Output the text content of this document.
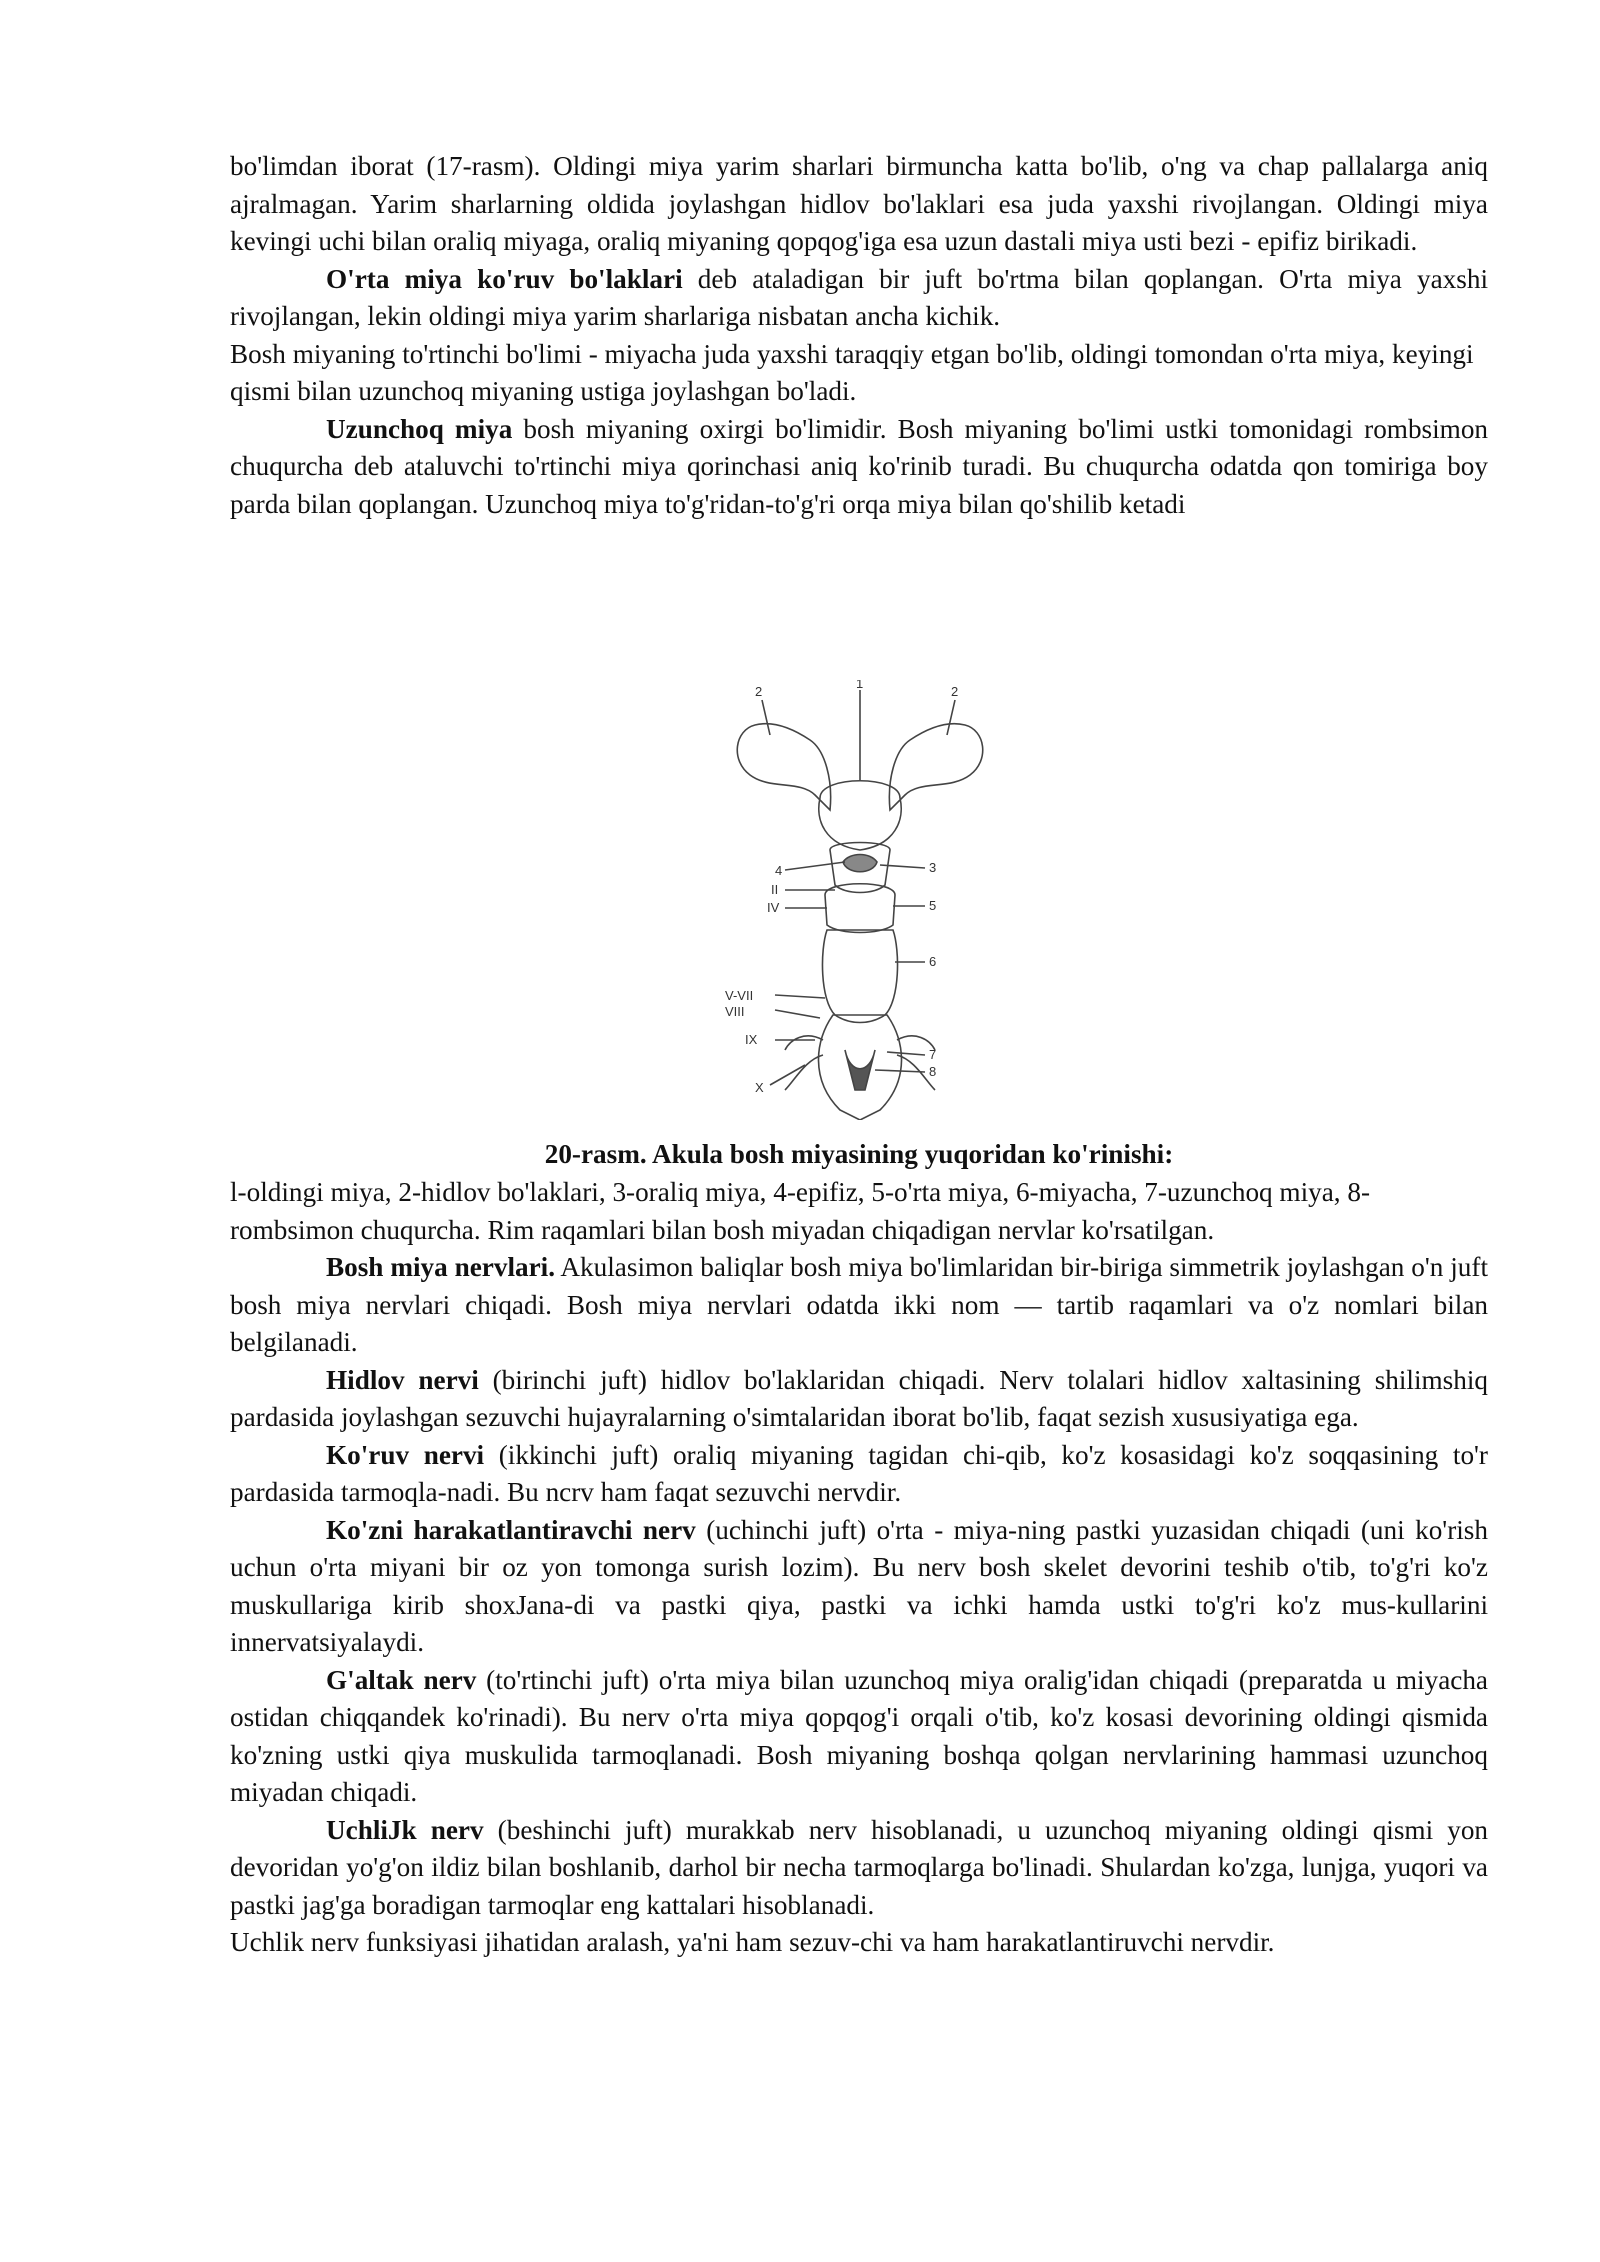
bo'limdan iborat (17-rasm). Oldingi miya yarim sharlari birmuncha katta bo'lib, o'ng va chap pallalarga aniq ajralmagan. Yarim sharlarning oldida joylashgan hidlov bo'laklari esa juda yaxshi rivojlangan. Oldingi miya kevingi uchi bilan oraliq miyaga, oraliq miyaning qopqog'iga esa uzun dastali miya usti bezi - epifiz birikadi.

O'rta miya ko'ruv bo'laklari deb ataladigan bir juft bo'rtma bilan qoplangan. O'rta miya yaxshi rivojlangan, lekin oldingi miya yarim sharlariga nisbatan ancha kichik.

Bosh miyaning to'rtinchi bo'limi - miyacha juda yaxshi taraqqiy etgan bo'lib, oldingi tomondan o'rta miya, keyingi qismi bilan uzunchoq miyaning ustiga joylashgan bo'ladi.

Uzunchoq miya bosh miyaning oxirgi bo'limidir. Bosh miyaning bo'limi ustki tomonidagi rombsimon chuqurcha deb ataluvchi to'rtinchi miya qorinchasi aniq ko'rinib turadi. Bu chuqurcha odatda qon tomiriga boy parda bilan qoplangan. Uzunchoq miya to'g'ridan-to'g'ri orqa miya bilan qo'shilib ketadi

2
1
2
4
II
IV
V-VII
VIII
IX
X
3
5
6
7
8
20-rasm. Akula bosh miyasining yuqoridan ko'rinishi:

l-oldingi miya, 2-hidlov bo'laklari, 3-oraliq miya, 4-epifiz, 5-o'rta miya, 6-miyacha, 7-uzunchoq miya, 8-rombsimon chuqurcha. Rim raqamlari bilan bosh miyadan chiqadigan nervlar ko'rsatilgan.

Bosh miya nervlari. Akulasimon baliqlar bosh miya bo'limlaridan bir-biriga simmetrik joylashgan o'n juft bosh miya nervlari chiqadi. Bosh miya nervlari odatda ikki nom — tartib raqamlari va o'z nomlari bilan belgilanadi.

Hidlov nervi (birinchi juft) hidlov bo'laklaridan chiqadi. Nerv tolalari hidlov xaltasining shilimshiq pardasida joylashgan sezuvchi hujayralarning o'simtalaridan iborat bo'lib, faqat sezish xususiyatiga ega.

Ko'ruv nervi (ikkinchi juft) oraliq miyaning tagidan chi-qib, ko'z kosasidagi ko'z soqqasining to'r pardasida tarmoqla-nadi. Bu ncrv ham faqat sezuvchi nervdir.

Ko'zni harakatlantiravchi nerv (uchinchi juft) o'rta - miya-ning pastki yuzasidan chiqadi (uni ko'rish uchun o'rta miyani bir oz yon tomonga surish lozim). Bu nerv bosh skelet devorini teshib o'tib, to'g'ri ko'z muskullariga kirib shoxJana-di va pastki qiya, pastki va ichki hamda ustki to'g'ri ko'z mus-kullarini innervatsiyalaydi.

G'altak nerv (to'rtinchi juft) o'rta miya bilan uzunchoq miya oralig'idan chiqadi (preparatda u miyacha ostidan chiqqandek ko'rinadi). Bu nerv o'rta miya qopqog'i orqali o'tib, ko'z kosasi devorining oldingi qismida ko'zning ustki qiya muskulida tarmoqlanadi. Bosh miyaning boshqa qolgan nervlarining hammasi uzunchoq miyadan chiqadi.

UchliJk nerv (beshinchi juft) murakkab nerv hisoblanadi, u uzunchoq miyaning oldingi qismi yon devoridan yo'g'on ildiz bilan boshlanib, darhol bir necha tarmoqlarga bo'linadi. Shulardan ko'zga, lunjga, yuqori va pastki jag'ga boradigan tarmoqlar eng kattalari hisoblanadi.

Uchlik nerv funksiyasi jihatidan aralash, ya'ni ham sezuv-chi va ham harakatlantiruvchi nervdir.
